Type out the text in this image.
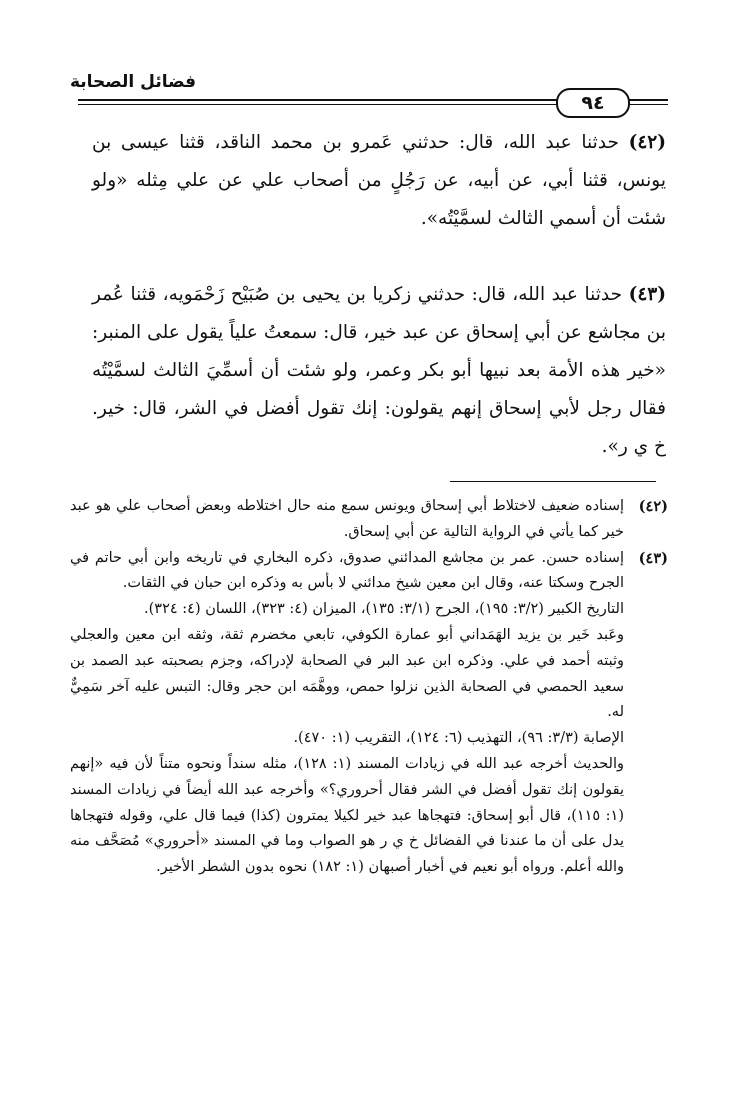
فضائل الصحابة
٩٤

(٤٢) حدثنا عبد الله، قال: حدثني عَمرو بن محمد الناقد، قثنا عيسى بن يونس، قثنا أبي، عن أبيه، عن رَجُلٍ من أصحاب علي عن علي مِثله «ولو شئت أن أسمي الثالث لسمَّيْتُه».

(٤٣) حدثنا عبد الله، قال: حدثني زكريا بن يحيى بن صُبَيْح زَحْمَويه، قثنا عُمر بن مجاشع عن أبي إسحاق عن عبد خير، قال: سمعتُ علياً يقول على المنبر: «خير هذه الأمة بعد نبيها أبو بكر وعمر، ولو شئت أن أسمِّيَ الثالث لسمَّيْتُه فقال رجل لأبي إسحاق إنهم يقولون: إنك تقول أفضل في الشر، قال: خير. خ ي ر».

(٤٢)

إسناده ضعيف لاختلاط أبي إسحاق ويونس سمع منه حال اختلاطه وبعض أصحاب علي هو عبد خير كما يأتي في الرواية التالية عن أبي إسحاق.

(٤٣)

إسناده حسن. عمر بن مجاشع المدائني صدوق، ذكره البخاري في تاريخه وابن أبي حاتم في الجرح وسكتا عنه، وقال ابن معين شيخ مدائني لا بأس به وذكره ابن حبان في الثقات.

التاريخ الكبير (٣/٢: ١٩٥)، الجرح (٣/١: ١٣٥)، الميزان (٤: ٣٢٣)، اللسان (٤: ٣٢٤).

وعَبد خَير بن يزيد الهَمَداني أبو عمارة الكوفي، تابعي مخضرم ثقة، وثقه ابن معين والعجلي وثبته أحمد في علي. وذكره ابن عبد البر في الصحابة لإدراكه، وجزم بصحبته عبد الصمد بن سعيد الحمصي في الصحابة الذين نزلوا حمص، ووهَّمَه ابن حجر وقال: التبس عليه آخر سَمِيٌّ له.

الإصابة (٣/٣: ٩٦)، التهذيب (٦: ١٢٤)، التقريب (١: ٤٧٠).

والحديث أخرجه عبد الله في زيادات المسند (١: ١٢٨)، مثله سنداً ونحوه متناً لأن فيه «إنهم يقولون إنك تقول أفضل في الشر فقال أحروري؟» وأخرجه عبد الله أيضاً في زيادات المسند (١: ١١٥)، قال أبو إسحاق: فتهجاها عبد خير لكيلا يمترون (كذا) فيما قال علي، وقوله فتهجاها يدل على أن ما عندنا في الفضائل خ ي ر هو الصواب وما في المسند «أحروري» مُصَحَّف منه والله أعلم. ورواه أبو نعيم في أخبار أصبهان (١: ١٨٢) نحوه بدون الشطر الأخير.
